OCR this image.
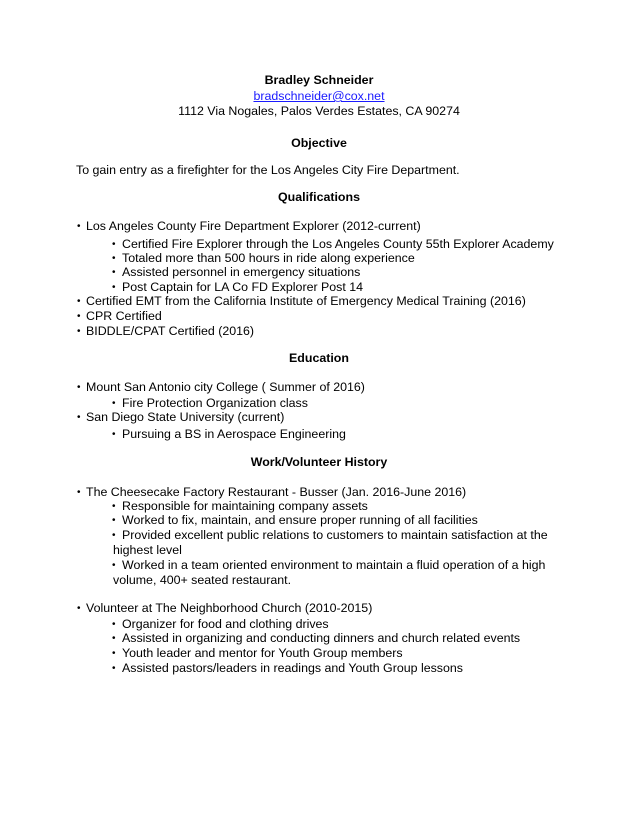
Bradley Schneider
bradschneider@cox.net
1112 Via Nogales, Palos Verdes Estates, CA 90274
Objective
To gain entry as a firefighter for the Los Angeles City Fire Department.
Qualifications
• Los Angeles County Fire Department Explorer (2012-current)
• Certified Fire Explorer through the Los Angeles County 55th Explorer Academy
• Totaled more than 500 hours in ride along experience
• Assisted personnel in emergency situations
• Post Captain for LA Co FD Explorer Post 14
• Certified EMT from the California Institute of Emergency Medical Training (2016)
• CPR Certified
• BIDDLE/CPAT Certified (2016)
Education
• Mount San Antonio city College ( Summer of 2016)
• Fire Protection Organization class
• San Diego State University (current)
• Pursuing a BS in Aerospace Engineering
Work/Volunteer History
• The Cheesecake Factory Restaurant - Busser (Jan. 2016-June 2016)
• Responsible for maintaining company assets
• Worked to fix, maintain, and ensure proper running of all facilities
• Provided excellent public relations to customers to maintain satisfaction at the
highest level
• Worked in a team oriented environment to maintain a fluid operation of a high
volume, 400+ seated restaurant.
• Volunteer at The Neighborhood Church (2010-2015)
• Organizer for food and clothing drives
• Assisted in organizing and conducting dinners and church related events
• Youth leader and mentor for Youth Group members
• Assisted pastors/leaders in readings and Youth Group lessons
